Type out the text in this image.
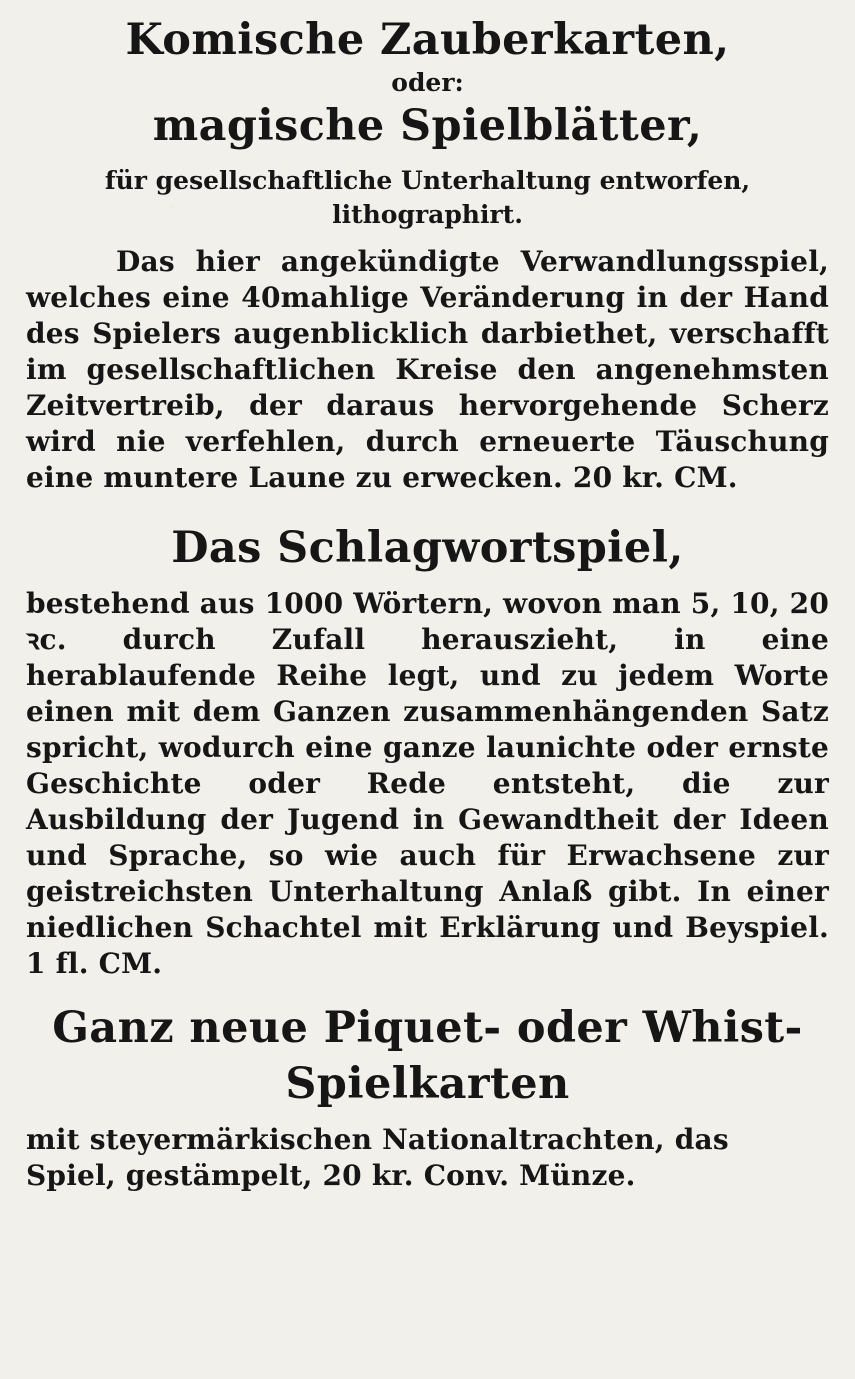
Komische Zauberkarten,
oder:
magische Spielblätter,
für gesellschaftliche Unterhaltung entworfen,
lithographirt.
Das hier angekündigte Verwandlungsspiel, welches eine 40mahlige Veränderung in der Hand des Spielers augenblicklich darbiethet, verschafft im gesellschaftlichen Kreise den angenehmsten Zeitvertreib, der daraus hervorgehende Scherz wird nie verfehlen, durch erneuerte Täuschung eine muntere Laune zu erwecken. 20 kr. CM.
Das Schlagwortspiel,
bestehend aus 1000 Wörtern, wovon man 5, 10, 20 ꝛc. durch Zufall herauszieht, in eine herablaufende Reihe legt, und zu jedem Worte einen mit dem Ganzen zusammenhängenden Satz spricht, wodurch eine ganze launichte oder ernste Geschichte oder Rede entsteht, die zur Ausbildung der Jugend in Gewandtheit der Ideen und Sprache, so wie auch für Erwachsene zur geistreichsten Unterhaltung Anlaß gibt. In einer niedlichen Schachtel mit Erklärung und Beyspiel. 1 fl. CM.
Ganz neue Piquet- oder Whist-
Spielkarten
mit steyermärkischen Nationaltrachten, das
Spiel, gestämpelt, 20 kr. Conv. Münze.
